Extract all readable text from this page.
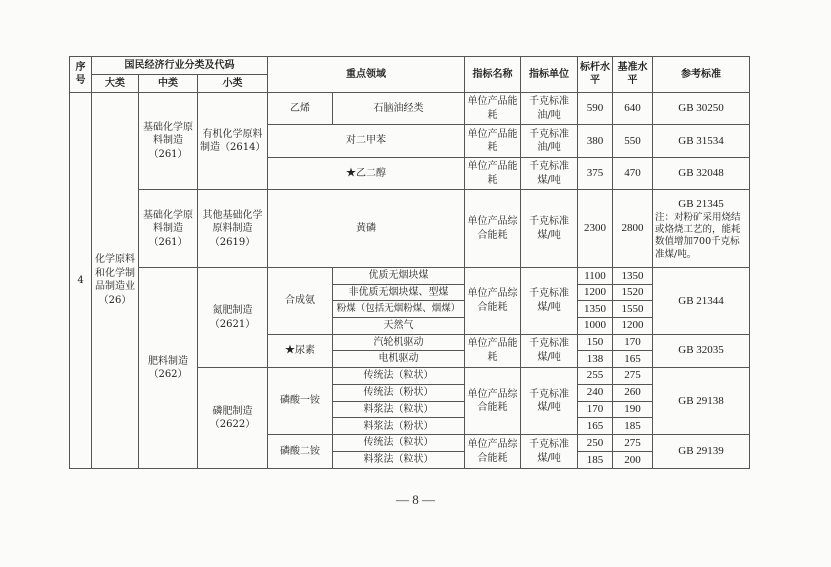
序号	国民经济行业分类及代码			重点领域		指标名称	指标单位	标杆水平	基准水平	参考标准
	大类	中类	小类							
4	化学原料和化学制品制造业（26）	基础化学原料制造（261）	有机化学原料制造（2614）	乙烯	石脑油经类	单位产品能耗	千克标准油/吨	590	640	GB 30250
				对二甲苯		单位产品能耗	千克标准油/吨	380	550	GB 31534
				★乙二醇		单位产品能耗	千克标准煤/吨	375	470	GB 32048
		基础化学原料制造（261）	其他基础化学原料制造（2619）	黄磷		单位产品综合能耗	千克标准煤/吨	2300	2800	GB 21345
注：对粉矿采用烧结或烙烧工艺的，能耗数值增加700千克标准煤/吨。

		肥料制造（262）	氮肥制造（2621）	合成氨	优质无烟块煤	单位产品综合能耗	千克标准煤/吨	1100	1350	GB 21344
					非优质无烟块煤、型煤			1200	1520	
					粉煤（包括无烟粉煤、烟煤）			1350	1550	
					天然气			1000	1200	
				★尿素	汽轮机驱动	单位产品能耗	千克标准煤/吨	150	170	GB 32035
					电机驱动			138	165	
			磷肥制造（2622）	磷酸一铵	传统法（粒状）	单位产品综合能耗	千克标准煤/吨	255	275	GB 29138
					传统法（粉状）			240	260	
					料浆法（粒状）			170	190	
					料浆法（粉状）			165	185	
				磷酸二铵	传统法（粒状）	单位产品综合能耗	千克标准煤/吨	250	275	GB 29139
					料浆法（粒状）			185	200	
— 8 —
